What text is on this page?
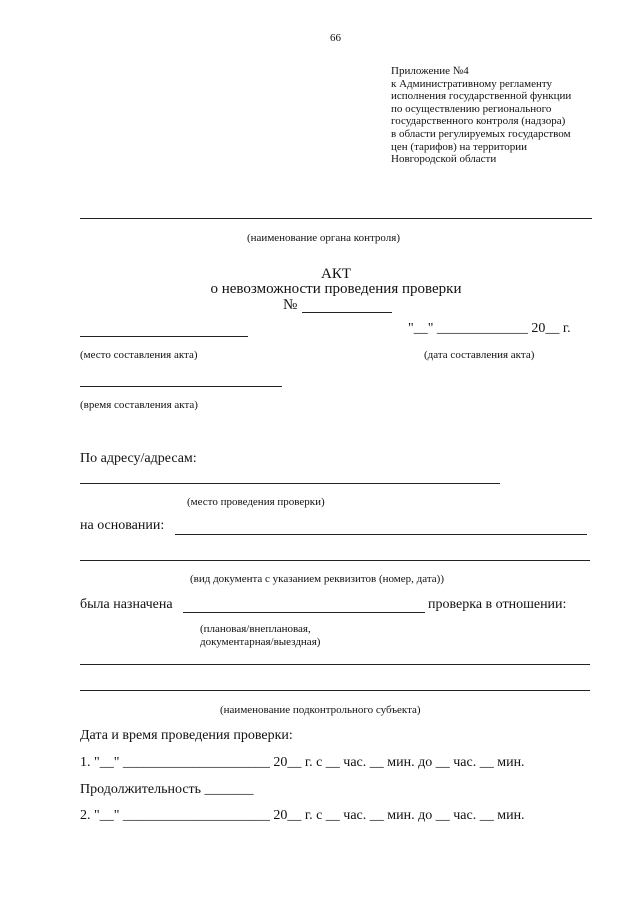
66
Приложение №4
к Административному регламенту
исполнения государственной функции
по осуществлению регионального
государственного контроля (надзора)
в области регулируемых государством
цен (тарифов) на территории
Новгородской области
(наименование органа контроля)
АКТ
о невозможности проведения проверки
№
"__" _____________ 20__ г.
(место составления акта)	(дата составления акта)
(время составления акта)
По адресу/адресам:
(место проведения проверки)
на основании:
(вид документа с указанием реквизитов (номер, дата))
была назначена	проверка в отношении:
(плановая/внеплановая,
документарная/выездная)
(наименование подконтрольного субъекта)
Дата и время проведения проверки:
1. "__" _____________________ 20__ г. с __ час. __ мин. до __ час. __ мин.
Продолжительность _______
2. "__" _____________________ 20__ г. с __ час. __ мин. до __ час. __ мин.
